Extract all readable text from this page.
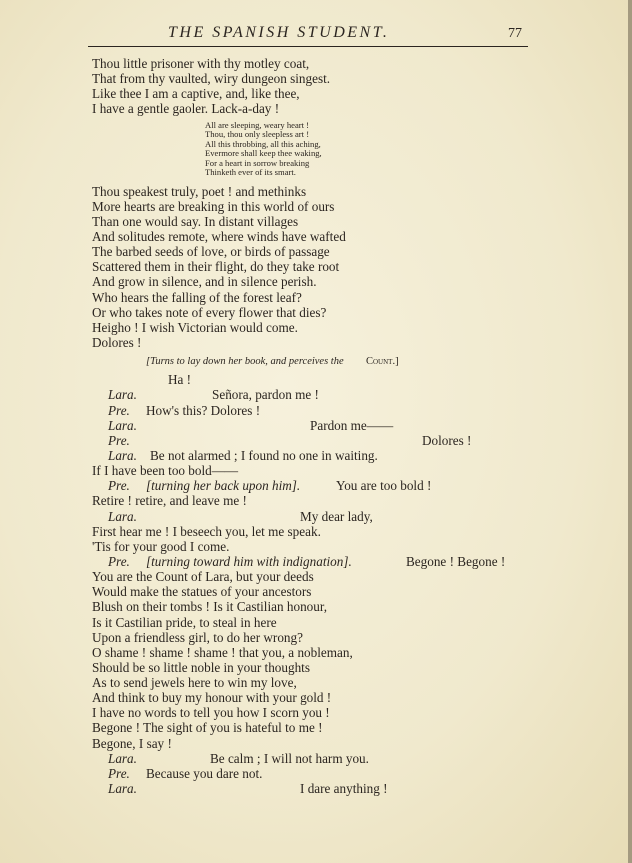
THE SPANISH STUDENT.	77
Thou little prisoner with thy motley coat,
That from thy vaulted, wiry dungeon singest.
Like thee I am a captive, and, like thee,
I have a gentle gaoler. Lack-a-day !
All are sleeping, weary heart !
Thou, thou only sleepless art !
All this throbbing, all this aching,
Evermore shall keep thee waking,
For a heart in sorrow breaking
Thinketh ever of its smart.
Thou speakest truly, poet ! and methinks
More hearts are breaking in this world of ours
Than one would say. In distant villages
And solitudes remote, where winds have wafted
The barbed seeds of love, or birds of passage
Scattered them in their flight, do they take root
And grow in silence, and in silence perish.
Who hears the falling of the forest leaf?
Or who takes note of every flower that dies?
Heigho ! I wish Victorian would come.
Dolores !
[Turns to lay down her book, and perceives the Count.]
Ha !
Lara.	Señora, pardon me !
Pre. How's this? Dolores !
Lara.	Pardon me——
Pre.	Dolores !
Lara. Be not alarmed ; I found no one in waiting.
If I have been too bold——
Pre. [turning her back upon him].	You are too bold !
Retire ! retire, and leave me !
Lara.	My dear lady,
First hear me ! I beseech you, let me speak.
'Tis for your good I come.
Pre. [turning toward him with indignation].	Begone ! Begone !
You are the Count of Lara, but your deeds
Would make the statues of your ancestors
Blush on their tombs ! Is it Castilian honour,
Is it Castilian pride, to steal in here
Upon a friendless girl, to do her wrong?
O shame ! shame ! shame ! that you, a nobleman,
Should be so little noble in your thoughts
As to send jewels here to win my love,
And think to buy my honour with your gold !
I have no words to tell you how I scorn you !
Begone ! The sight of you is hateful to me !
Begone, I say !
Lara.	Be calm ; I will not harm you.
Pre. Because you dare not.
Lara.	I dare anything !
